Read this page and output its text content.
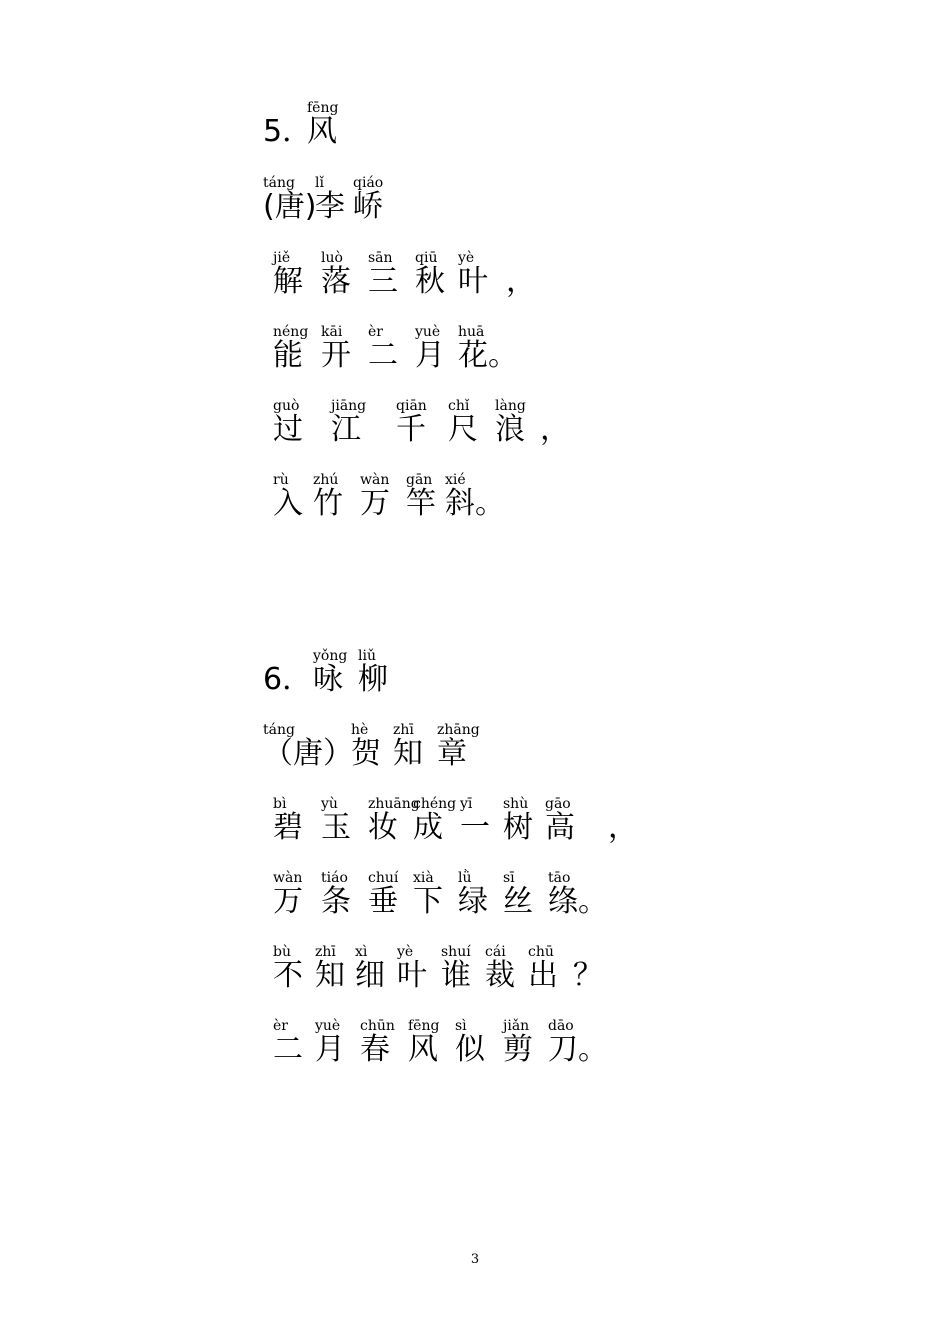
5．
fēng
风
táng
(唐)
lǐ
李
qiáo
峤
jiě
解
luò
落
sān
三
qiū
秋
yè
叶 ，
néng
能
kāi
开
èr
二
yuè
月
huā
花。
guò
过
jiāng
江
qiān
千
chǐ
尺
làng
浪 ，
rù
入
zhú
竹
wàn
万
gān
竿
xié
斜。
6．
yǒng
咏
liǔ
柳
táng
（唐）
hè
贺
zhī
知
zhāng
章
bì
碧
yù
玉
zhuāng
妆
chéng
成
yī
一
shù
树
gāo
高 ，
wàn
万
tiáo
条
chuí
垂
xià
下
lǜ
绿
sī
丝
tāo
绦。
bù
不
zhī
知
xì
细
yè
叶
shuí
谁
cái
裁
chū
出 ？
èr
二
yuè
月
chūn
春
fēng
风
sì
似
jiǎn
剪
dāo
刀。
3
